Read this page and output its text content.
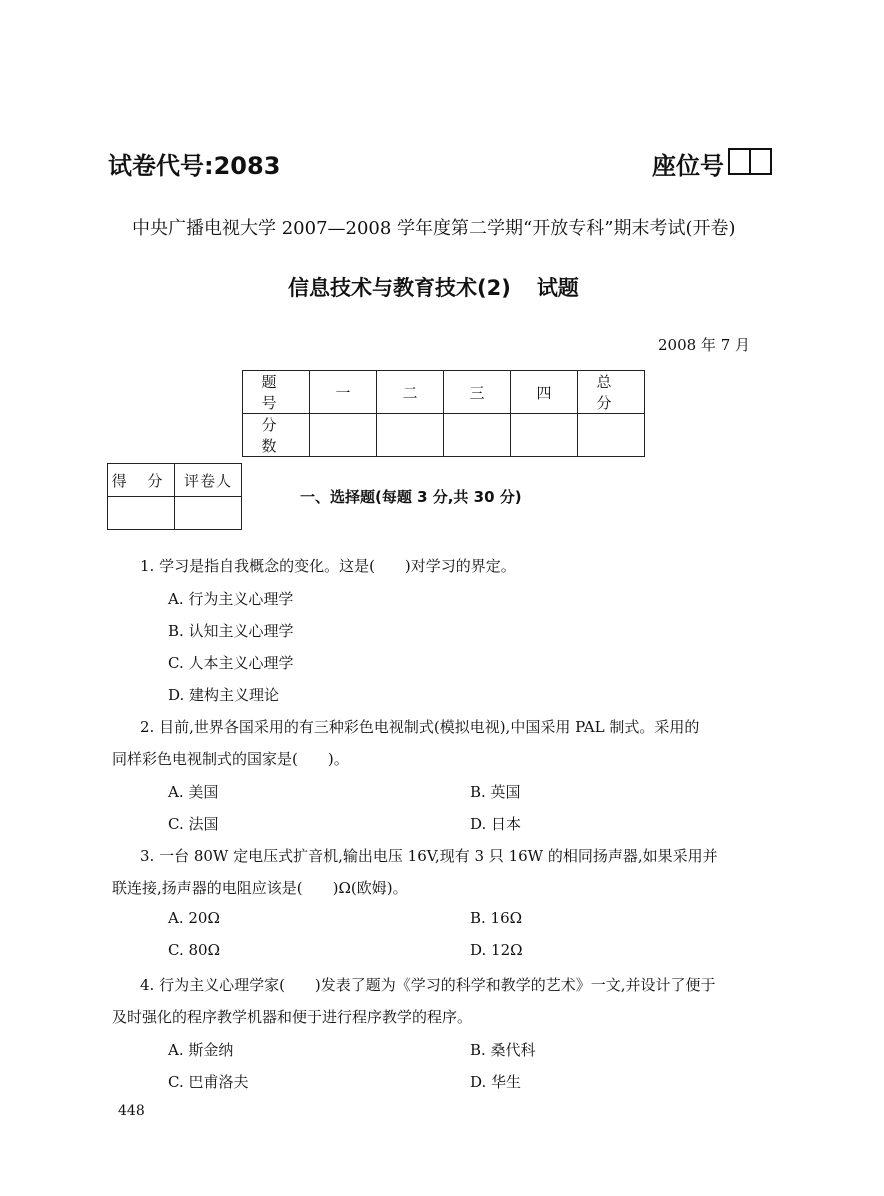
试卷代号:2083	座位号
中央广播电视大学 2007—2008 学年度第二学期“开放专科”期末考试(开卷)
信息技术与教育技术(2) 试题
2008 年 7 月
题 号	一	二	三	四	总 分
分 数					
得 分	评卷人

一、选择题(每题 3 分,共 30 分)
1. 学习是指自我概念的变化。这是(　　)对学习的界定。
A. 行为主义心理学
B. 认知主义心理学
C. 人本主义心理学
D. 建构主义理论
2. 目前,世界各国采用的有三种彩色电视制式(模拟电视),中国采用 PAL 制式。采用的
同样彩色电视制式的国家是(　　)。
A. 美国	B. 英国
C. 法国	D. 日本
3. 一台 80W 定电压式扩音机,输出电压 16V,现有 3 只 16W 的相同扬声器,如果采用并
联连接,扬声器的电阻应该是(　　)Ω(欧姆)。
A. 20Ω	B. 16Ω
C. 80Ω	D. 12Ω
4. 行为主义心理学家(　　)发表了题为《学习的科学和教学的艺术》一文,并设计了便于
及时强化的程序教学机器和便于进行程序教学的程序。
A. 斯金纳	B. 桑代科
C. 巴甫洛夫	D. 华生
448
